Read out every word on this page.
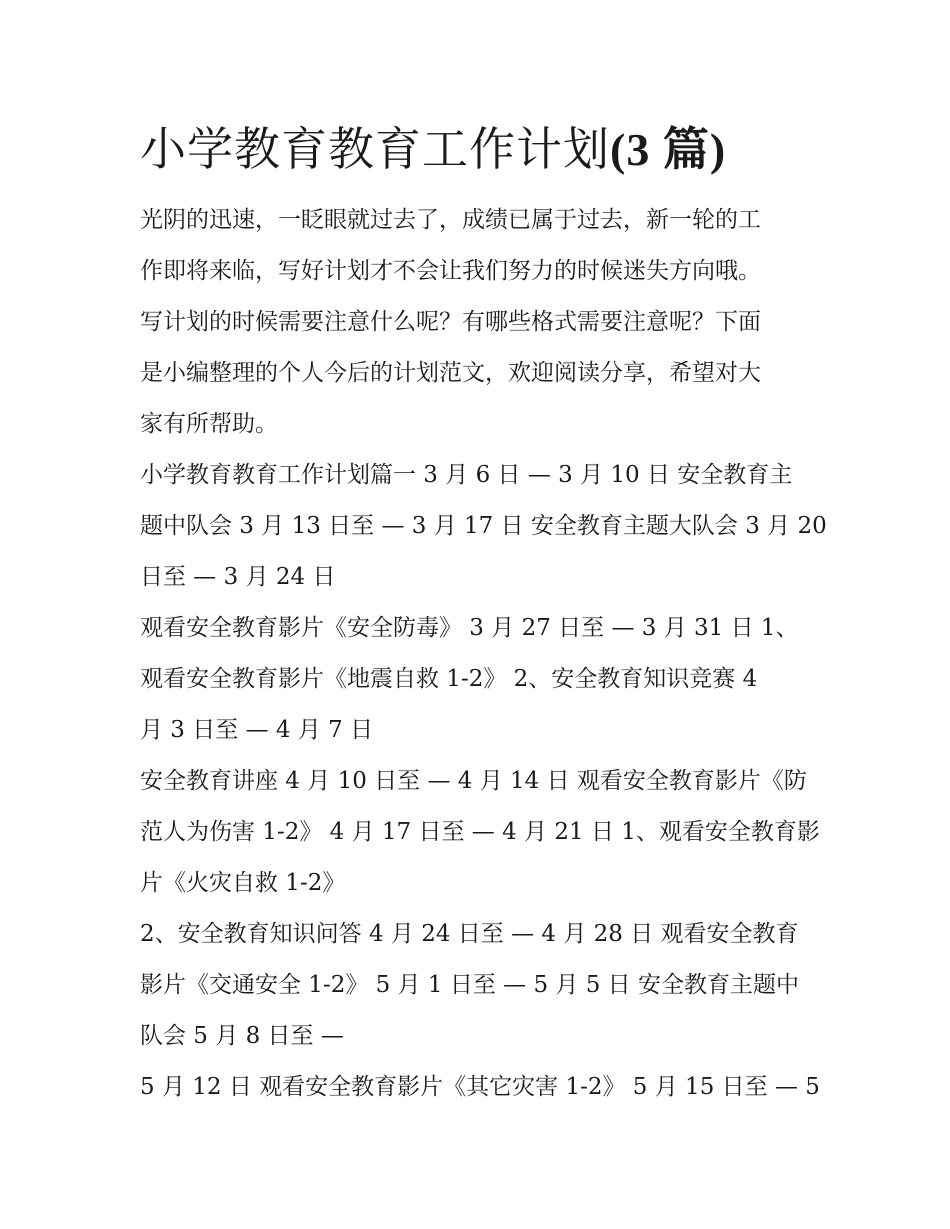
小学教育教育工作计划(3 篇)
光阴的迅速，一眨眼就过去了，成绩已属于过去，新一轮的工
作即将来临，写好计划才不会让我们努力的时候迷失方向哦。
写计划的时候需要注意什么呢？有哪些格式需要注意呢？下面
是小编整理的个人今后的计划范文，欢迎阅读分享，希望对大
家有所帮助。
小学教育教育工作计划篇一 3 月 6 日 — 3 月 10 日 安全教育主
题中队会 3 月 13 日至 — 3 月 17 日 安全教育主题大队会 3 月 20
日至 — 3 月 24 日
观看安全教育影片《安全防毒》 3 月 27 日至 — 3 月 31 日 1、
观看安全教育影片《地震自救 1-2》 2、安全教育知识竞赛 4
月 3 日至 — 4 月 7 日
安全教育讲座 4 月 10 日至 — 4 月 14 日 观看安全教育影片《防
范人为伤害 1-2》 4 月 17 日至 — 4 月 21 日 1、观看安全教育影
片《火灾自救 1-2》
2、安全教育知识问答 4 月 24 日至 — 4 月 28 日 观看安全教育
影片《交通安全 1-2》 5 月 1 日至 — 5 月 5 日 安全教育主题中
队会 5 月 8 日至 —
5 月 12 日 观看安全教育影片《其它灾害 1-2》 5 月 15 日至 — 5
